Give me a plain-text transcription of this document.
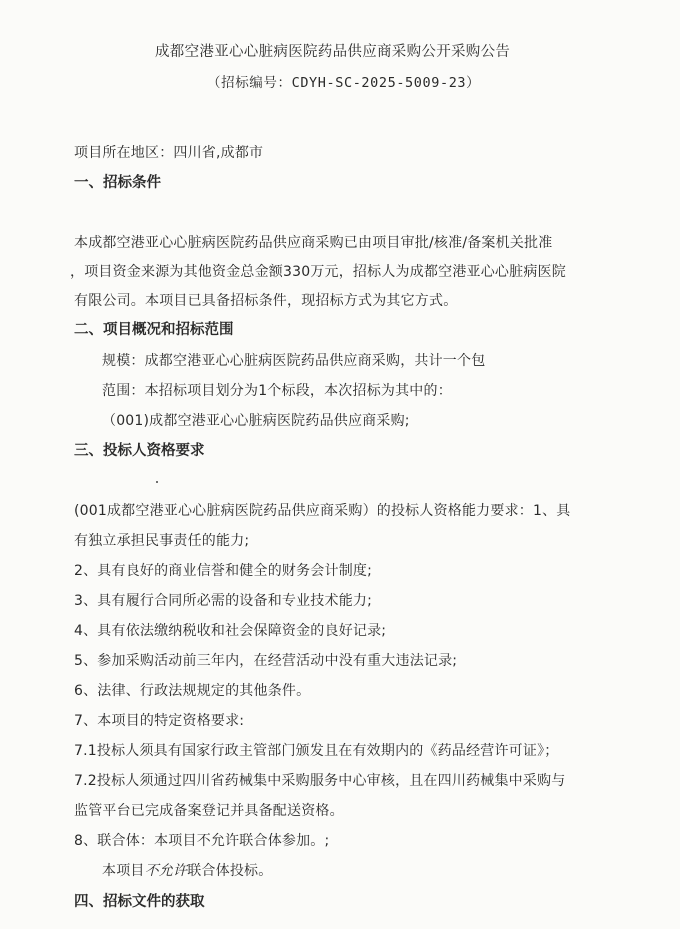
成都空港亚心心脏病医院药品供应商采购公开采购公告
（招标编号：CDYH-SC-2025-5009-23）
项目所在地区：四川省,成都市
一、招标条件
本成都空港亚心心脏病医院药品供应商采购已由项目审批/核准/备案机关批准
，项目资金来源为其他资金总金额330万元，招标人为成都空港亚心心脏病医院
有限公司。本项目已具备招标条件，现招标方式为其它方式。
二、项目概况和招标范围
规模：成都空港亚心心脏病医院药品供应商采购，共计一个包
范围：本招标项目划分为1个标段，本次招标为其中的：
（001)成都空港亚心心脏病医院药品供应商采购;
三、投标人资格要求
(001成都空港亚心心脏病医院药品供应商采购）的投标人资格能力要求：1、具
有独立承担民事责任的能力;
2、具有良好的商业信誉和健全的财务会计制度;
3、具有履行合同所必需的设备和专业技术能力;
4、具有依法缴纳税收和社会保障资金的良好记录;
5、参加采购活动前三年内，在经营活动中没有重大违法记录;
6、法律、行政法规规定的其他条件。
7、本项目的特定资格要求:
7.1投标人须具有国家行政主管部门颁发且在有效期内的《药品经营许可证》；
7.2投标人须通过四川省药械集中采购服务中心审核，且在四川药械集中采购与
监管平台已完成备案登记并具备配送资格。
8、联合体：本项目不允许联合体参加。;
本项目不允许联合体投标。
四、招标文件的获取
